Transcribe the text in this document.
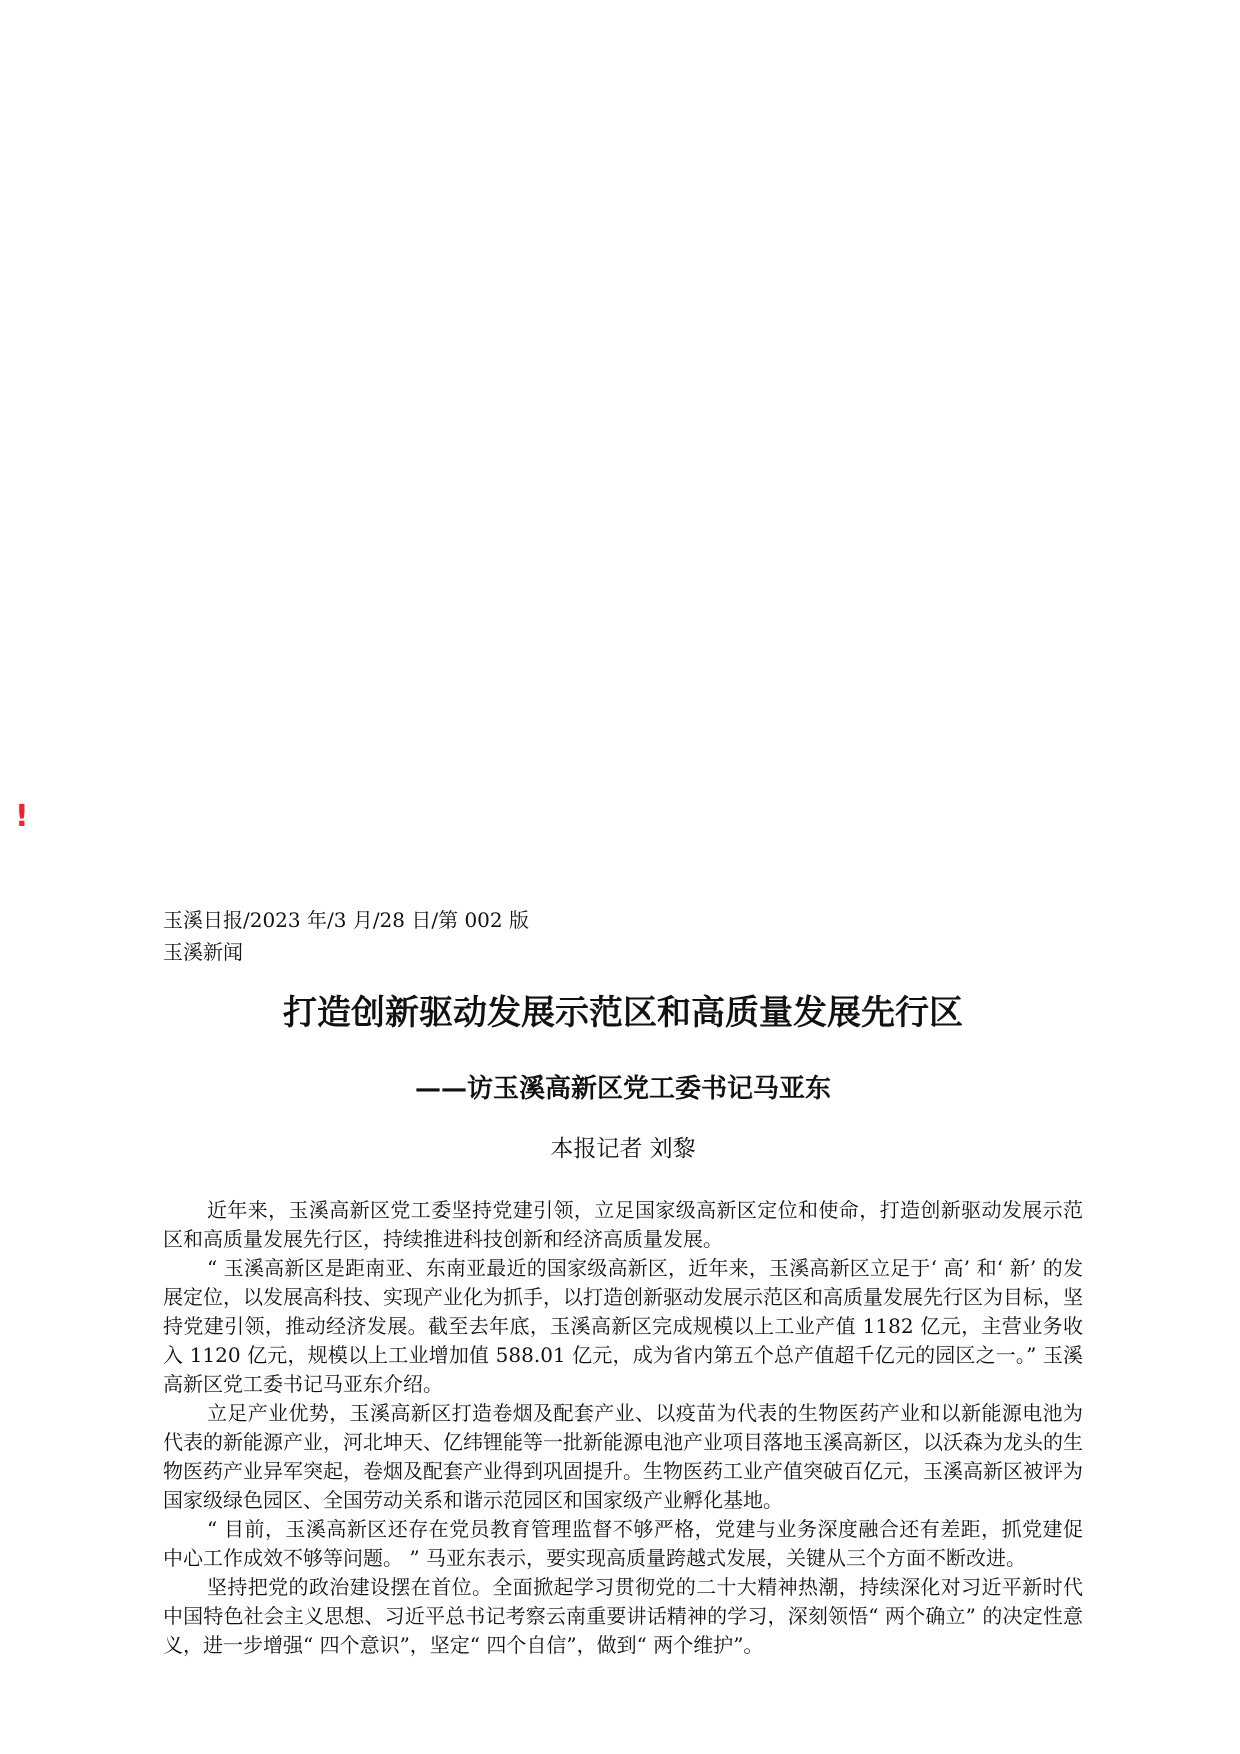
!
玉溪日报/2023 年/3 月/28 日/第 002 版玉溪新闻
打造创新驱动发展示范区和高质量发展先行区
——访玉溪高新区党工委书记马亚东
本报记者 刘黎

近年来，玉溪高新区党工委坚持党建引领，立足国家级高新区定位和使命，打造创新驱动发展示范区和高质量发展先行区，持续推进科技创新和经济高质量发展。

“ 玉溪高新区是距南亚、东南亚最近的国家级高新区，近年来，玉溪高新区立足于‘ 高’ 和‘ 新’ 的发展定位，以发展高科技、实现产业化为抓手，以打造创新驱动发展示范区和高质量发展先行区为目标，坚持党建引领，推动经济发展。截至去年底，玉溪高新区完成规模以上工业产值 1182 亿元，主营业务收入 1120 亿元，规模以上工业增加值 588.01 亿元，成为省内第五个总产值超千亿元的园区之一。” 玉溪高新区党工委书记马亚东介绍。

立足产业优势，玉溪高新区打造卷烟及配套产业、以疫苗为代表的生物医药产业和以新能源电池为代表的新能源产业，河北坤天、亿纬锂能等一批新能源电池产业项目落地玉溪高新区，以沃森为龙头的生物医药产业异军突起，卷烟及配套产业得到巩固提升。生物医药工业产值突破百亿元，玉溪高新区被评为国家级绿色园区、全国劳动关系和谐示范园区和国家级产业孵化基地。

“ 目前，玉溪高新区还存在党员教育管理监督不够严格，党建与业务深度融合还有差距，抓党建促中心工作成效不够等问题。 ” 马亚东表示，要实现高质量跨越式发展，关键从三个方面不断改进。

坚持把党的政治建设摆在首位。全面掀起学习贯彻党的二十大精神热潮，持续深化对习近平新时代中国特色社会主义思想、习近平总书记考察云南重要讲话精神的学习，深刻领悟“ 两个确立” 的决定性意义，进一步增强“ 四个意识”，坚定“ 四个自信”，做到“ 两个维护”。
